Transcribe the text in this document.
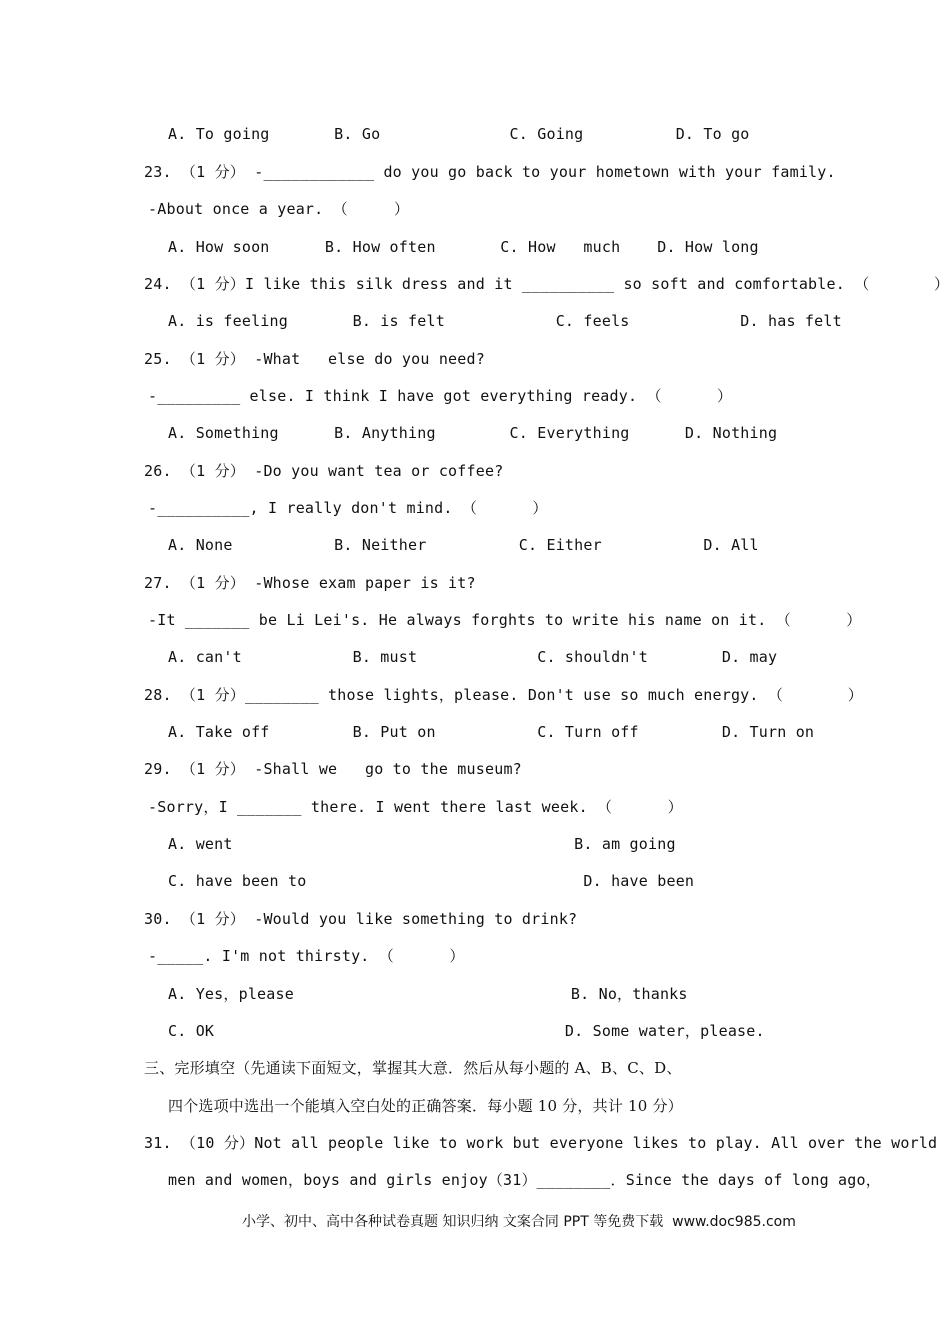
A. To going       B. Go              C. Going          D. To go
23. （1 分） -____________ do you go back to your hometown with your family.
-About once a year. （     ）
A. How soon      B. How often       C. How   much    D. How long
24. （1 分）I like this silk dress and it __________ so soft and comfortable. （       ）
A. is feeling       B. is felt            C. feels            D. has felt
25. （1 分） -What   else do you need?
-_________ else. I think I have got everything ready. （      ）
A. Something      B. Anything        C. Everything      D. Nothing
26. （1 分） -Do you want tea or coffee?
-__________, I really don't mind. （      ）
A. None           B. Neither          C. Either           D. All
27. （1 分） -Whose exam paper is it?
-It _______ be Li Lei's. He always forghts to write his name on it. （      ）
A. can't            B. must             C. shouldn't        D. may
28. （1 分）________ those lights，please. Don't use so much energy. （       ）
A. Take off         B. Put on           C. Turn off         D. Turn on
29. （1 分） -Shall we   go to the museum?
-Sorry，I _______ there. I went there last week. （      ）
A. went                                     B. am going
C. have been to                              D. have been
30. （1 分） -Would you like something to drink?
-_____. I'm not thirsty. （      ）
A. Yes，please                              B. No，thanks
C. OK                                      D. Some water，please.
三、完形填空（先通读下面短文，掌握其大意．然后从每小题的 A、B、C、D、
四个选项中选出一个能填入空白处的正确答案．每小题 10 分，共计 10 分）
31. （10 分）Not all people like to work but everyone likes to play. All over the world
men and women，boys and girls enjoy（31）________．Since the days of long ago，
小学、初中、高中各种试卷真题 知识归纳 文案合同 PPT 等免费下载  www.doc985.com
